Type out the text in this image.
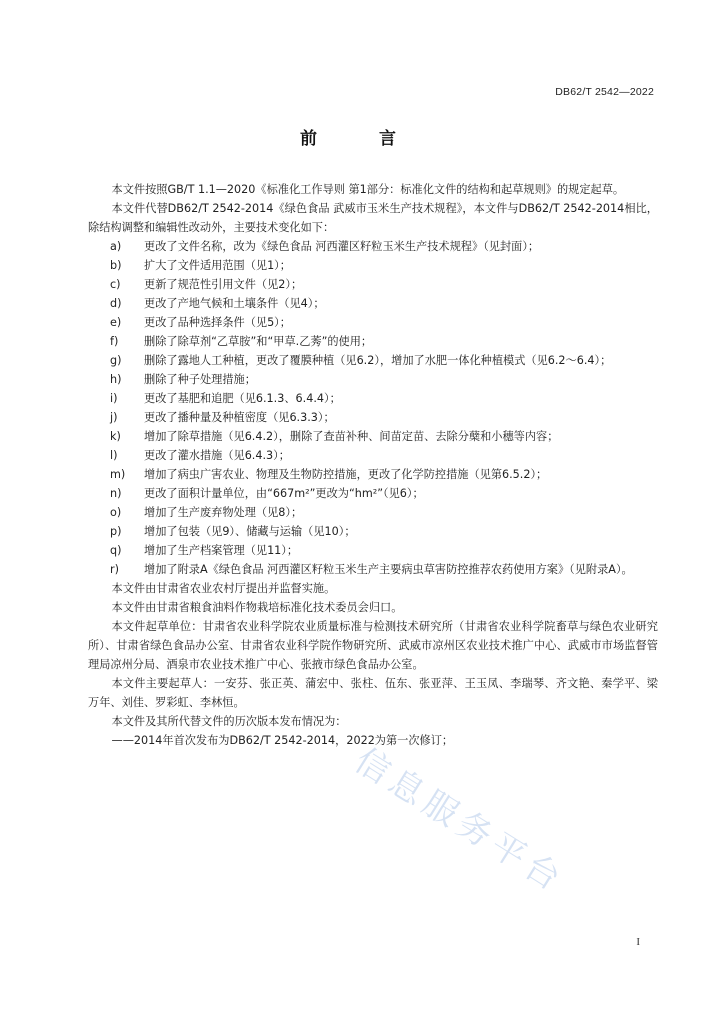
DB62/T 2542—2022
前 言

本文件按照GB/T 1.1—2020《标准化工作导则 第1部分：标准化文件的结构和起草规则》的规定起草。

本文件代替DB62/T 2542-2014《绿色食品 武威市玉米生产技术规程》，本文件与DB62/T 2542-2014相比，除结构调整和编辑性改动外，主要技术变化如下：

a)	更改了文件名称，改为《绿色食品 河西灌区籽粒玉米生产技术规程》（见封面）；
b)	扩大了文件适用范围（见1）；
c)	更新了规范性引用文件（见2）；
d)	更改了产地气候和土壤条件（见4）；
e)	更改了品种选择条件（见5）；
f)	删除了除草剂“乙草胺”和“甲草.乙莠”的使用；
g)	删除了露地人工种植，更改了覆膜种植（见6.2），增加了水肥一体化种植模式（见6.2～6.4）；
h)	删除了种子处理措施；
i)	更改了基肥和追肥（见6.1.3、6.4.4）；
j)	更改了播种量及种植密度（见6.3.3）；
k)	增加了除草措施（见6.4.2），删除了查苗补种、间苗定苗、去除分蘖和小穗等内容；
l)	更改了灌水措施（见6.4.3）；
m)	增加了病虫广害农业、物理及生物防控措施，更改了化学防控措施（见第6.5.2）；
n)	更改了面积计量单位，由“667m²”更改为“hm²”（见6）；
o)	增加了生产废弃物处理（见8）；
p)	增加了包装（见9）、储藏与运输（见10）；
q)	增加了生产档案管理（见11）；
r)	增加了附录A《绿色食品 河西灌区籽粒玉米生产主要病虫草害防控推荐农药使用方案》（见附录A）。

本文件由甘肃省农业农村厅提出并监督实施。

本文件由甘肃省粮食油料作物栽培标准化技术委员会归口。

本文件起草单位：甘肃省农业科学院农业质量标准与检测技术研究所（甘肃省农业科学院畜草与绿色农业研究所）、甘肃省绿色食品办公室、甘肃省农业科学院作物研究所、武威市凉州区农业技术推广中心、武威市市场监督管理局凉州分局、酒泉市农业技术推广中心、张掖市绿色食品办公室。

本文件主要起草人：一安芬、张正英、蒲宏中、张柱、伍东、张亚萍、王玉凤、李瑞琴、齐文艳、秦学平、梁万年、刘佳、罗彩虹、李林恒。

本文件及其所代替文件的历次版本发布情况为：

——2014年首次发布为DB62/T 2542-2014，2022为第一次修订；

信息服务平台
I
